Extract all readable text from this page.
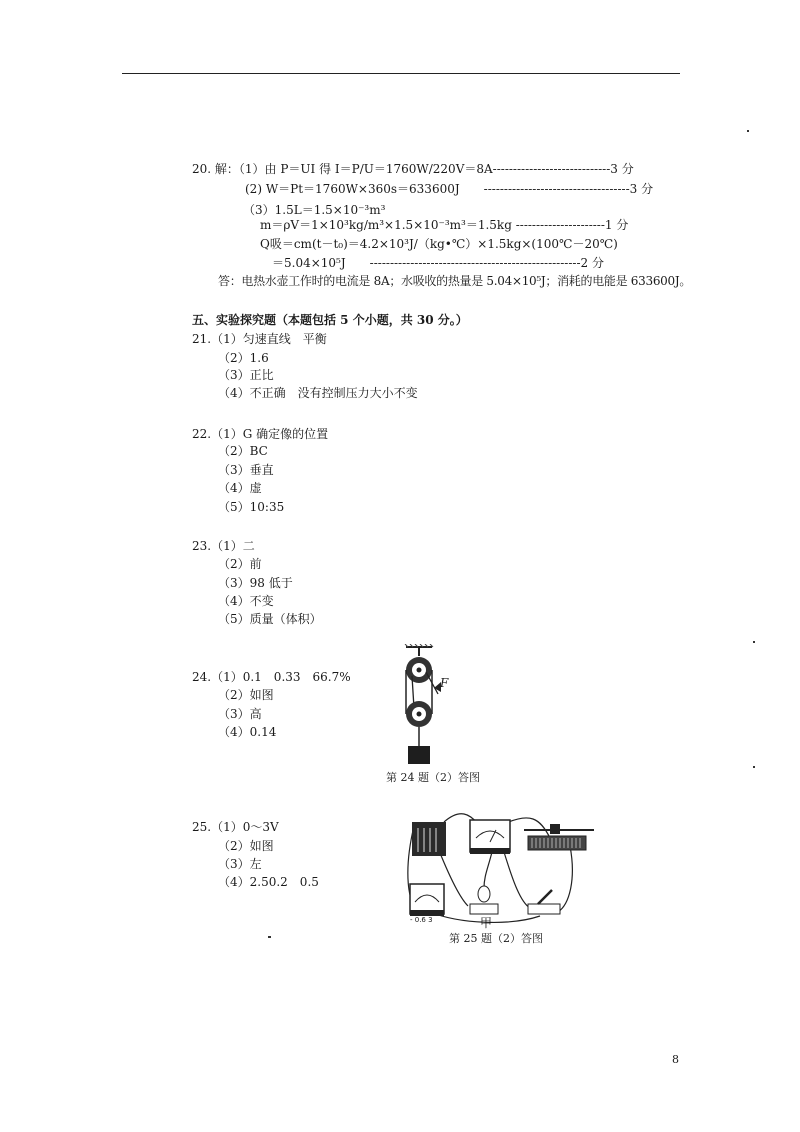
20. 解：（1）由 P＝UI 得 I＝P/U＝1760W/220V＝8A-----------------------------3 分
(2) W＝Pt＝1760W×360s＝633600J　　------------------------------------3 分
（3）1.5L＝1.5×10⁻³m³
m＝ρV＝1×10³kg/m³×1.5×10⁻³m³＝1.5kg ----------------------1 分
Q吸＝cm(t－t₀)＝4.2×10³J/（kg•℃）×1.5kg×(100℃－20℃)
＝5.04×10⁵J　　----------------------------------------------------2 分
答：电热水壶工作时的电流是 8A；水吸收的热量是 5.04×10⁵J；消耗的电能是 633600J。
五、实验探究题（本题包括 5 个小题，共 30 分。）
21.（1）匀速直线　平衡
（2）1.6
（3）正比
（4）不正确　没有控制压力大小不变
22.（1）G 确定像的位置
（2）BC
（3）垂直
（4）虚
（5）10:35
23.（1）二
（2）前
（3）98 低于
（4）不变
（5）质量（体积）
24.（1）0.1　0.33　66.7%
（2）如图
（3）高
（4）0.14
F
第 24 题（2）答图
25.（1）0～3V
（2）如图
（3）左
（4）2.50.2　0.5
- 0.6 3	甲
第 25 题（2）答图
8
